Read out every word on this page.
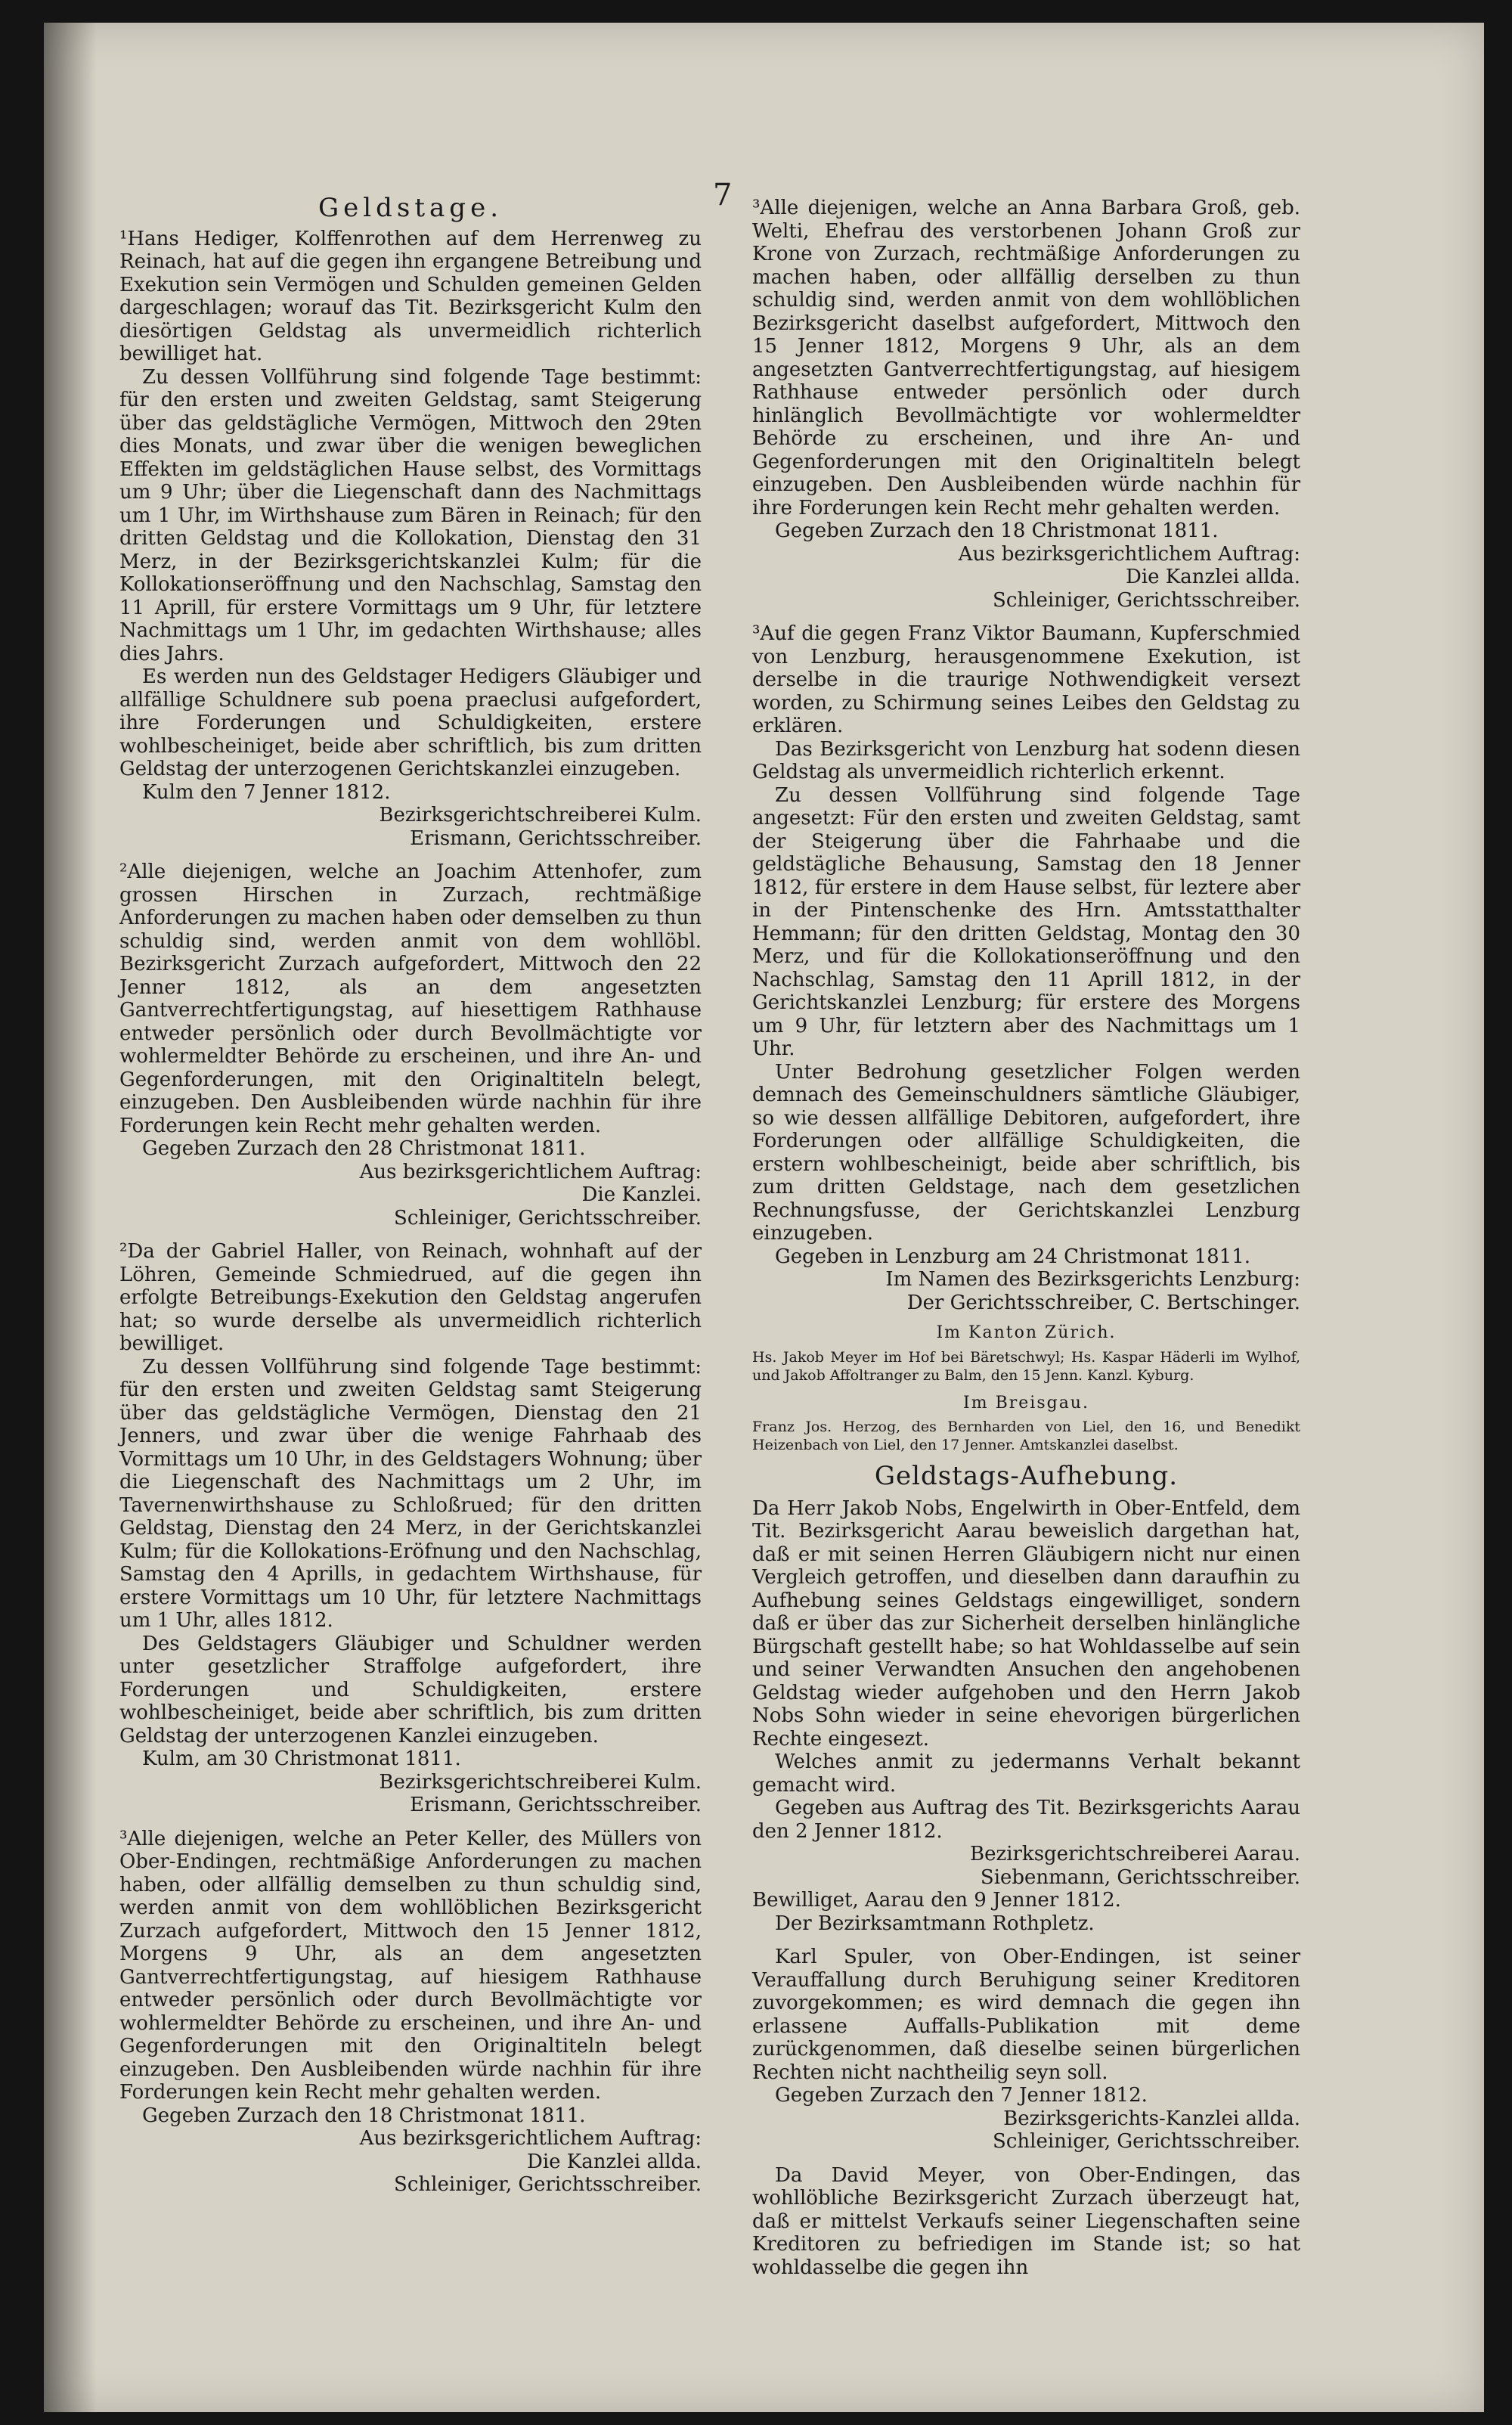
7
Geldstage.

¹Hans Hediger, Kolffenrothen auf dem Herrenweg zu Reinach, hat auf die gegen ihn ergangene Betreibung und Exekution sein Vermögen und Schulden gemeinen Gelden dargeschlagen; worauf das Tit. Bezirksgericht Kulm den diesörtigen Geldstag als unvermeidlich richterlich bewilliget hat.

Zu dessen Vollführung sind folgende Tage bestimmt: für den ersten und zweiten Geldstag, samt Steigerung über das geldstägliche Vermögen, Mittwoch den 29ten dies Monats, und zwar über die wenigen beweglichen Effekten im geldstäglichen Hause selbst, des Vormittags um 9 Uhr; über die Liegenschaft dann des Nachmittags um 1 Uhr, im Wirthshause zum Bären in Reinach; für den dritten Geldstag und die Kollokation, Dienstag den 31 Merz, in der Bezirksgerichtskanzlei Kulm; für die Kollokationseröffnung und den Nachschlag, Samstag den 11 Aprill, für erstere Vormittags um 9 Uhr, für letztere Nachmittags um 1 Uhr, im gedachten Wirthshause; alles dies Jahrs.

Es werden nun des Geldstager Hedigers Gläubiger und allfällige Schuldnere sub poena praeclusi aufgefordert, ihre Forderungen und Schuldigkeiten, erstere wohlbescheiniget, beide aber schriftlich, bis zum dritten Geldstag der unterzogenen Gerichtskanzlei einzugeben.

Kulm den 7 Jenner 1812.

Bezirksgerichtschreiberei Kulm.

Erismann, Gerichtsschreiber.

²Alle diejenigen, welche an Joachim Attenhofer, zum grossen Hirschen in Zurzach, rechtmäßige Anforderungen zu machen haben oder demselben zu thun schuldig sind, werden anmit von dem wohllöbl. Bezirksgericht Zurzach aufgefordert, Mittwoch den 22 Jenner 1812, als an dem angesetzten Gantverrechtfertigungstag, auf hiesettigem Rathhause entweder persönlich oder durch Bevollmächtigte vor wohlermeldter Behörde zu erscheinen, und ihre An- und Gegenforderungen, mit den Originaltiteln belegt, einzugeben. Den Ausbleibenden würde nachhin für ihre Forderungen kein Recht mehr gehalten werden.

Gegeben Zurzach den 28 Christmonat 1811.

Aus bezirksgerichtlichem Auftrag:

Die Kanzlei.

Schleiniger, Gerichtsschreiber.

²Da der Gabriel Haller, von Reinach, wohnhaft auf der Löhren, Gemeinde Schmiedrued, auf die gegen ihn erfolgte Betreibungs-Exekution den Geldstag angerufen hat; so wurde derselbe als unvermeidlich richterlich bewilliget.

Zu dessen Vollführung sind folgende Tage bestimmt: für den ersten und zweiten Geldstag samt Steigerung über das geldstägliche Vermögen, Dienstag den 21 Jenners, und zwar über die wenige Fahrhaab des Vormittags um 10 Uhr, in des Geldstagers Wohnung; über die Liegenschaft des Nachmittags um 2 Uhr, im Tavernenwirthshause zu Schloßrued; für den dritten Geldstag, Dienstag den 24 Merz, in der Gerichtskanzlei Kulm; für die Kollokations-Eröfnung und den Nachschlag, Samstag den 4 Aprills, in gedachtem Wirthshause, für erstere Vormittags um 10 Uhr, für letztere Nachmittags um 1 Uhr, alles 1812.

Des Geldstagers Gläubiger und Schuldner werden unter gesetzlicher Straffolge aufgefordert, ihre Forderungen und Schuldigkeiten, erstere wohlbescheiniget, beide aber schriftlich, bis zum dritten Geldstag der unterzogenen Kanzlei einzugeben.

Kulm, am 30 Christmonat 1811.

Bezirksgerichtschreiberei Kulm.

Erismann, Gerichtsschreiber.

³Alle diejenigen, welche an Peter Keller, des Müllers von Ober-Endingen, rechtmäßige Anforderungen zu machen haben, oder allfällig demselben zu thun schuldig sind, werden anmit von dem wohllöblichen Bezirksgericht Zurzach aufgefordert, Mittwoch den 15 Jenner 1812, Morgens 9 Uhr, als an dem angesetzten Gantverrechtfertigungstag, auf hiesigem Rathhause entweder persönlich oder durch Bevollmächtigte vor wohlermeldter Behörde zu erscheinen, und ihre An- und Gegenforderungen mit den Originaltiteln belegt einzugeben. Den Ausbleibenden würde nachhin für ihre Forderungen kein Recht mehr gehalten werden.

Gegeben Zurzach den 18 Christmonat 1811.

Aus bezirksgerichtlichem Auftrag:

Die Kanzlei allda.

Schleiniger, Gerichtsschreiber.

³Alle diejenigen, welche an Anna Barbara Groß, geb. Welti, Ehefrau des verstorbenen Johann Groß zur Krone von Zurzach, rechtmäßige Anforderungen zu machen haben, oder allfällig derselben zu thun schuldig sind, werden anmit von dem wohllöblichen Bezirksgericht daselbst aufgefordert, Mittwoch den 15 Jenner 1812, Morgens 9 Uhr, als an dem angesetzten Gantverrechtfertigungstag, auf hiesigem Rathhause entweder persönlich oder durch hinlänglich Bevollmächtigte vor wohlermeldter Behörde zu erscheinen, und ihre An- und Gegenforderungen mit den Originaltiteln belegt einzugeben. Den Ausbleibenden würde nachhin für ihre Forderungen kein Recht mehr gehalten werden.

Gegeben Zurzach den 18 Christmonat 1811.

Aus bezirksgerichtlichem Auftrag:

Die Kanzlei allda.

Schleiniger, Gerichtsschreiber.

³Auf die gegen Franz Viktor Baumann, Kupferschmied von Lenzburg, herausgenommene Exekution, ist derselbe in die traurige Nothwendigkeit versezt worden, zu Schirmung seines Leibes den Geldstag zu erklären.

Das Bezirksgericht von Lenzburg hat sodenn diesen Geldstag als unvermeidlich richterlich erkennt.

Zu dessen Vollführung sind folgende Tage angesetzt: Für den ersten und zweiten Geldstag, samt der Steigerung über die Fahrhaabe und die geldstägliche Behausung, Samstag den 18 Jenner 1812, für erstere in dem Hause selbst, für leztere aber in der Pintenschenke des Hrn. Amtsstatthalter Hemmann; für den dritten Geldstag, Montag den 30 Merz, und für die Kollokationseröffnung und den Nachschlag, Samstag den 11 Aprill 1812, in der Gerichtskanzlei Lenzburg; für erstere des Morgens um 9 Uhr, für letztern aber des Nachmittags um 1 Uhr.

Unter Bedrohung gesetzlicher Folgen werden demnach des Gemeinschuldners sämtliche Gläubiger, so wie dessen allfällige Debitoren, aufgefordert, ihre Forderungen oder allfällige Schuldigkeiten, die erstern wohlbescheinigt, beide aber schriftlich, bis zum dritten Geldstage, nach dem gesetzlichen Rechnungsfusse, der Gerichtskanzlei Lenzburg einzugeben.

Gegeben in Lenzburg am 24 Christmonat 1811.

Im Namen des Bezirksgerichts Lenzburg:

Der Gerichtsschreiber, C. Bertschinger.

Im Kanton Zürich.

Hs. Jakob Meyer im Hof bei Bäretschwyl; Hs. Kaspar Häderli im Wylhof, und Jakob Affoltranger zu Balm, den 15 Jenn. Kanzl. Kyburg.

Im Breisgau.

Franz Jos. Herzog, des Bernharden von Liel, den 16, und Benedikt Heizenbach von Liel, den 17 Jenner. Amtskanzlei daselbst.

Geldstags-Aufhebung.

Da Herr Jakob Nobs, Engelwirth in Ober-Entfeld, dem Tit. Bezirksgericht Aarau beweislich dargethan hat, daß er mit seinen Herren Gläubigern nicht nur einen Vergleich getroffen, und dieselben dann daraufhin zu Aufhebung seines Geldstags eingewilliget, sondern daß er über das zur Sicherheit derselben hinlängliche Bürgschaft gestellt habe; so hat Wohldasselbe auf sein und seiner Verwandten Ansuchen den angehobenen Geldstag wieder aufgehoben und den Herrn Jakob Nobs Sohn wieder in seine ehevorigen bürgerlichen Rechte eingesezt.

Welches anmit zu jedermanns Verhalt bekannt gemacht wird.

Gegeben aus Auftrag des Tit. Bezirksgerichts Aarau den 2 Jenner 1812.

Bezirksgerichtschreiberei Aarau.

Siebenmann, Gerichtsschreiber.

Bewilliget, Aarau den 9 Jenner 1812.

Der Bezirksamtmann Rothpletz.

Karl Spuler, von Ober-Endingen, ist seiner Verauffallung durch Beruhigung seiner Kreditoren zuvorgekommen; es wird demnach die gegen ihn erlassene Auffalls-Publikation mit deme zurückgenommen, daß dieselbe seinen bürgerlichen Rechten nicht nachtheilig seyn soll.

Gegeben Zurzach den 7 Jenner 1812.

Bezirksgerichts-Kanzlei allda.

Schleiniger, Gerichtsschreiber.

Da David Meyer, von Ober-Endingen, das wohllöbliche Bezirksgericht Zurzach überzeugt hat, daß er mittelst Verkaufs seiner Liegenschaften seine Kreditoren zu befriedigen im Stande ist; so hat wohldasselbe die gegen ihn
